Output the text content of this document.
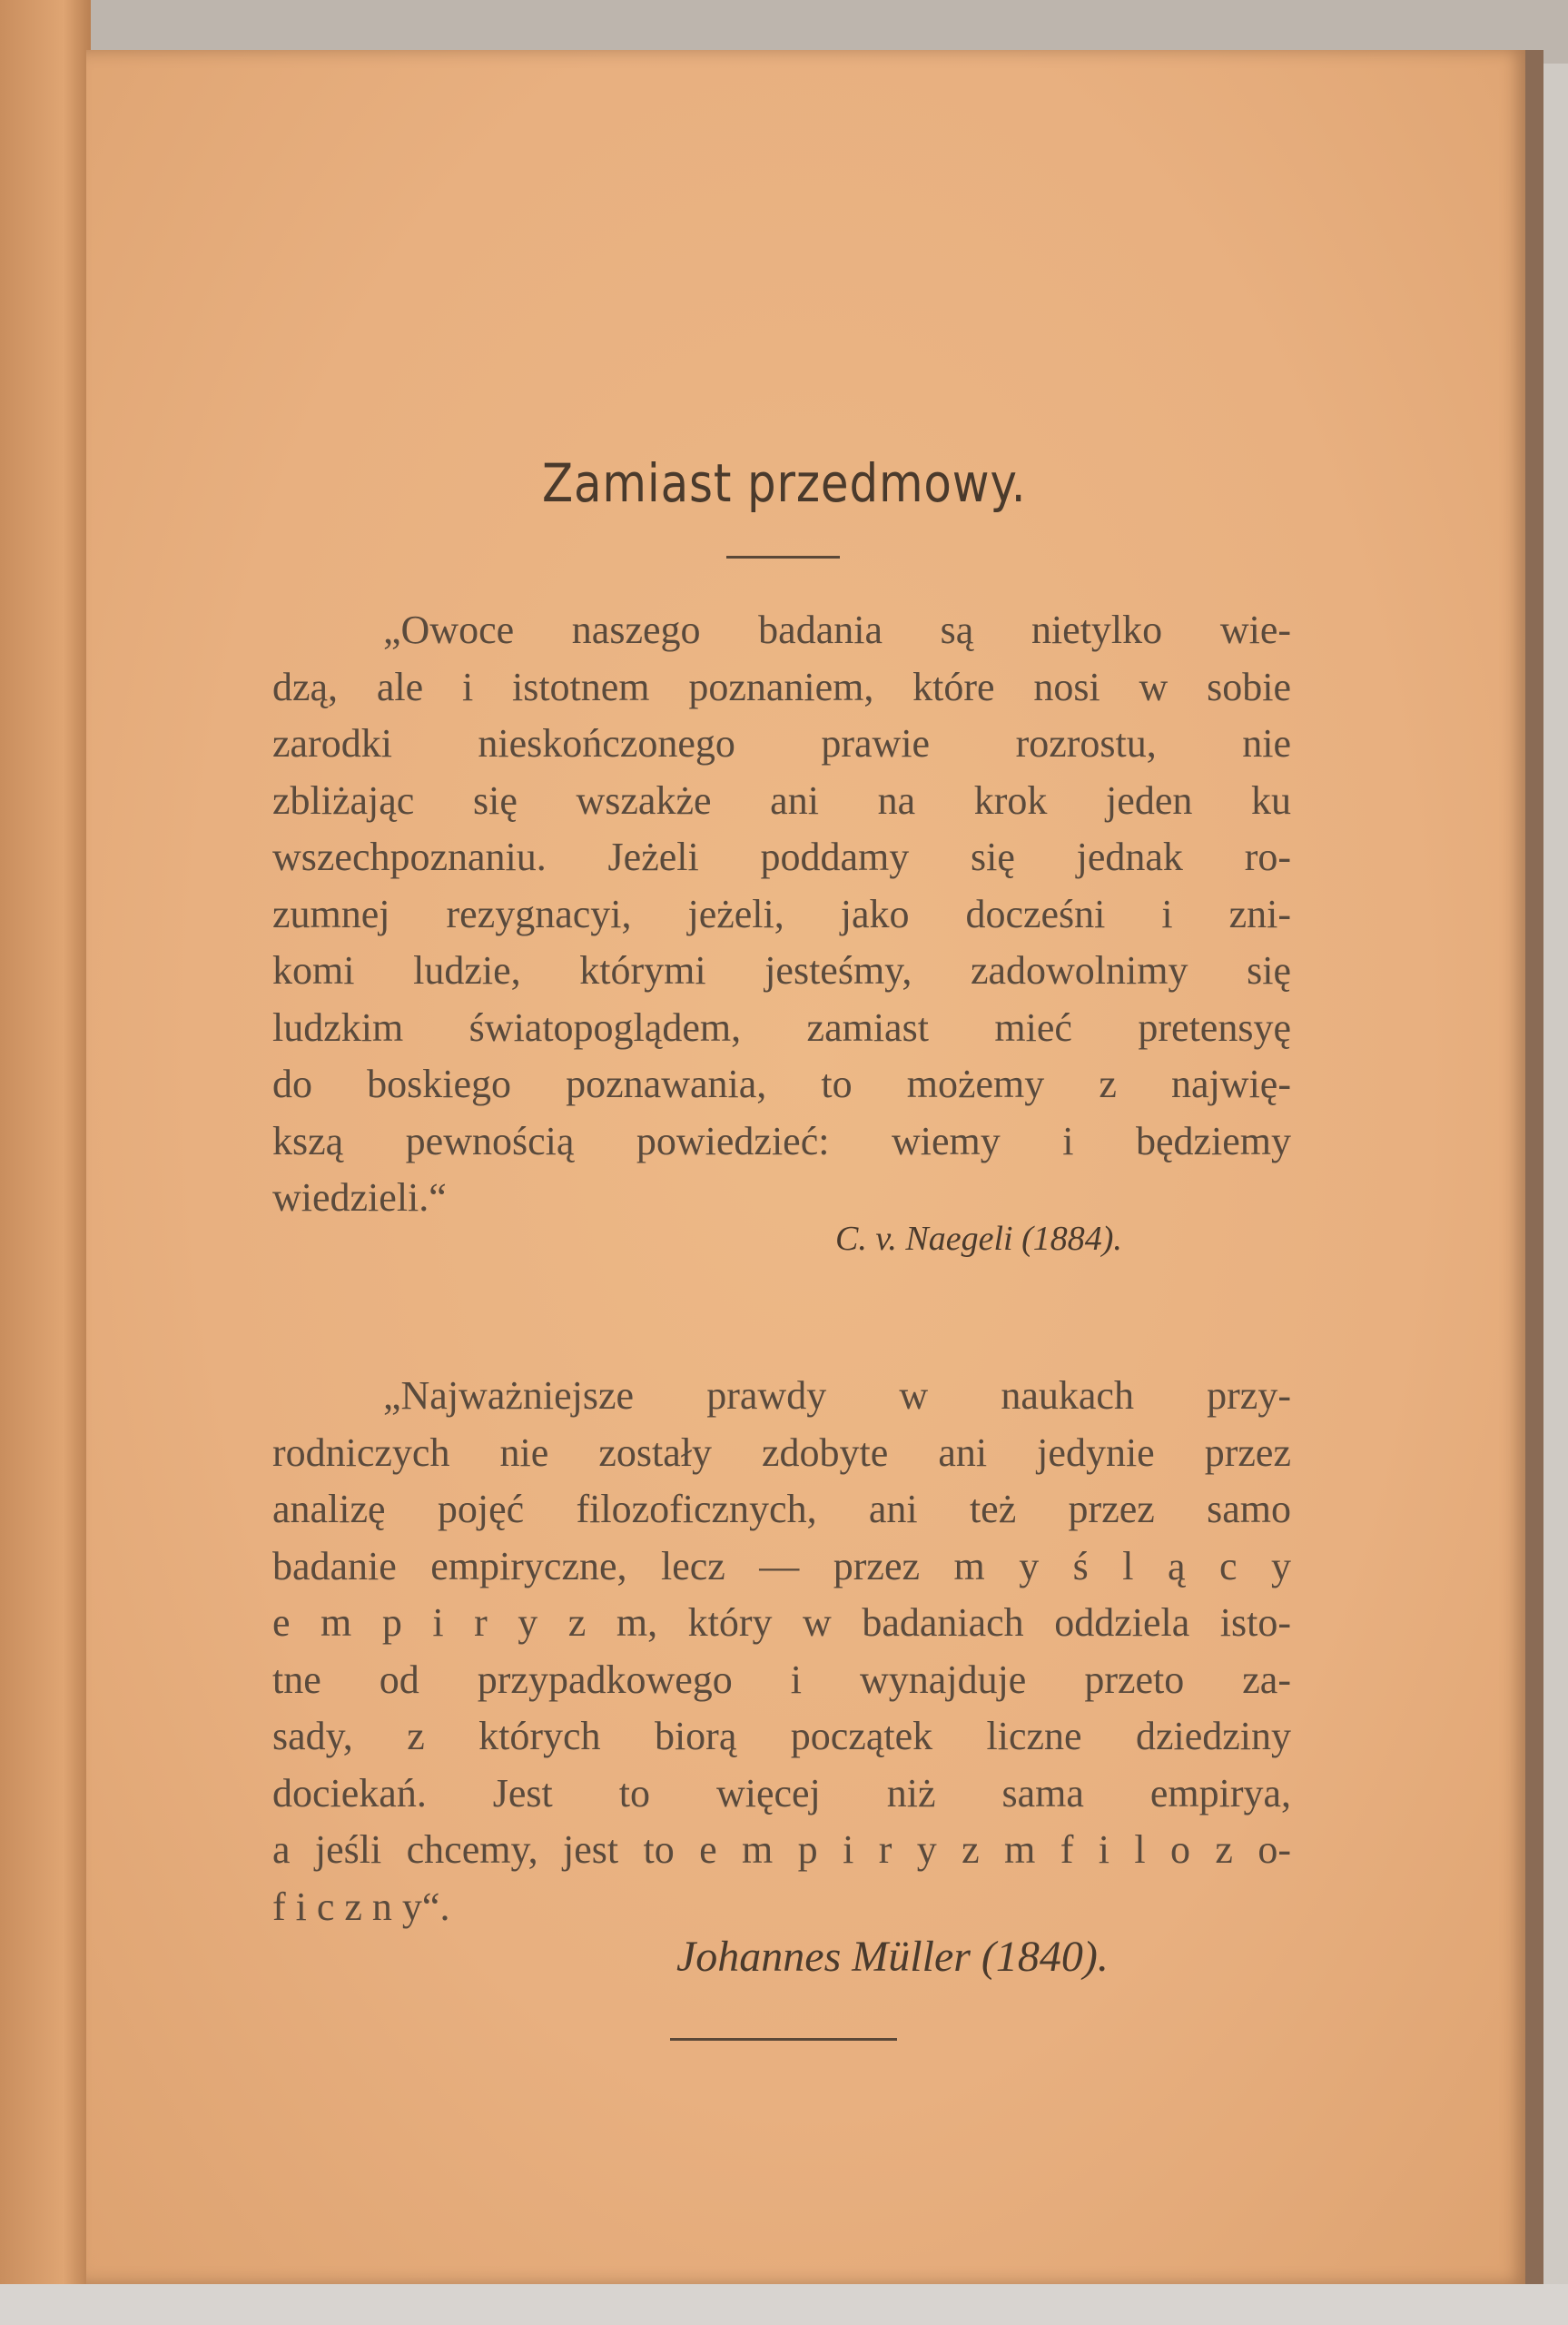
Zamiast przedmowy.
„Owoce naszego badania są nietylko wie-
dzą, ale i istotnem poznaniem, które nosi w sobie
zarodki nieskończonego prawie rozrostu, nie
zbliżając się wszakże ani na krok jeden ku
wszechpoznaniu. Jeżeli poddamy się jednak ro-
zumnej rezygnacyi, jeżeli, jako docześni i zni-
komi ludzie, którymi jesteśmy, zadowolnimy się
ludzkim światopoglądem, zamiast mieć pretensyę
do boskiego poznawania, to możemy z najwię-
kszą pewnością powiedzieć: wiemy i będziemy
wiedzieli.“
C. v. Naegeli (1884).
„Najważniejsze prawdy w naukach przy-
rodniczych nie zostały zdobyte ani jedynie przez
analizę pojęć filozoficznych, ani też przez samo
badanie empiryczne, lecz — przez m y ś l ą c y
e m p i r y z m, który w badaniach oddziela isto-
tne od przypadkowego i wynajduje przeto za-
sady, z których biorą początek liczne dziedziny
dociekań. Jest to więcej niż sama empirya,
a jeśli chcemy, jest to e m p i r y z m f i l o z o-
f i c z n y“.
Johannes Müller (1840).
